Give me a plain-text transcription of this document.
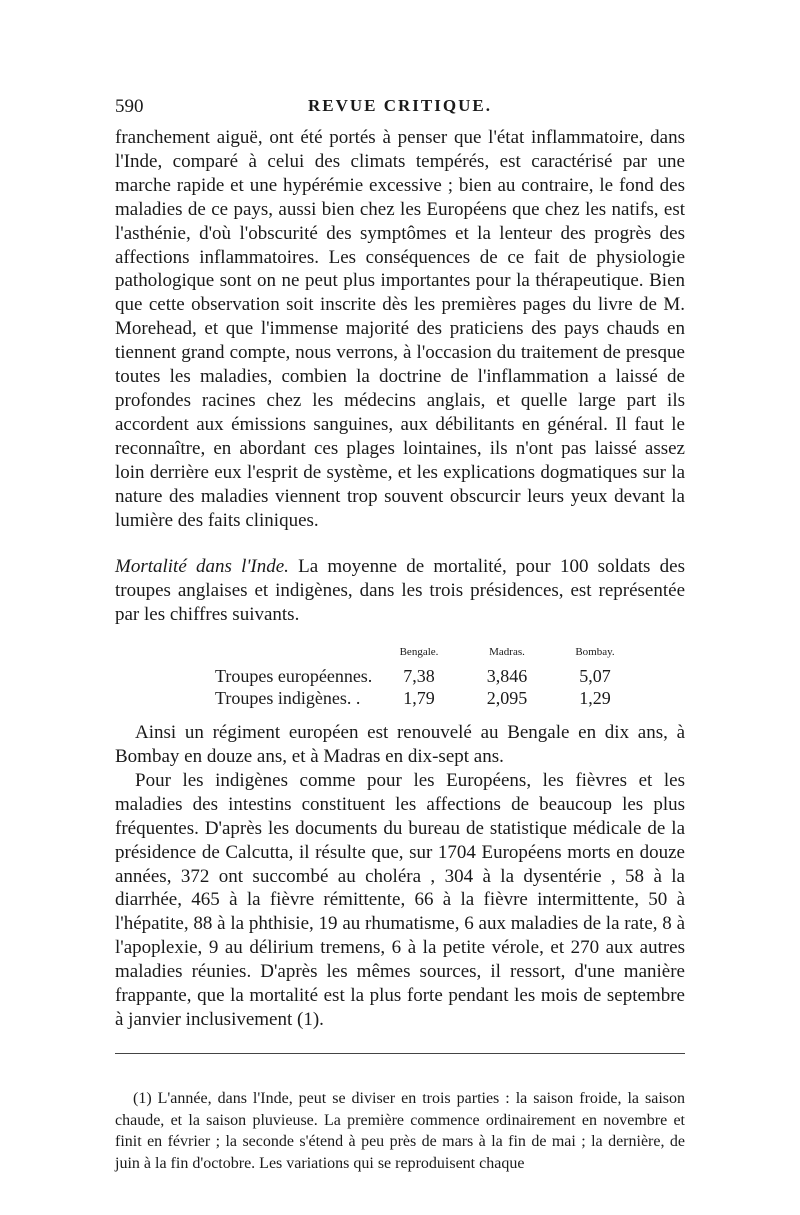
590	REVUE CRITIQUE.

franchement aiguë, ont été portés à penser que l'état inflammatoire, dans l'Inde, comparé à celui des climats tempérés, est caractérisé par une marche rapide et une hypérémie excessive ; bien au contraire, le fond des maladies de ce pays, aussi bien chez les Européens que chez les natifs, est l'asthénie, d'où l'obscurité des symptômes et la lenteur des progrès des affections inflammatoires. Les conséquences de ce fait de physiologie pathologique sont on ne peut plus importantes pour la thérapeutique. Bien que cette observation soit inscrite dès les premières pages du livre de M. Morehead, et que l'immense majorité des praticiens des pays chauds en tiennent grand compte, nous verrons, à l'occasion du traitement de presque toutes les maladies, combien la doctrine de l'inflammation a laissé de profondes racines chez les médecins anglais, et quelle large part ils accordent aux émissions sanguines, aux débilitants en général. Il faut le reconnaître, en abordant ces plages lointaines, ils n'ont pas laissé assez loin derrière eux l'esprit de système, et les explications dogmatiques sur la nature des maladies viennent trop souvent obscurcir leurs yeux devant la lumière des faits cliniques.

Mortalité dans l'Inde. La moyenne de mortalité, pour 100 soldats des troupes anglaises et indigènes, dans les trois présidences, est représentée par les chiffres suivants.

	Bengale.	Madras.	Bombay.
Troupes européennes.	7,38	3,846	5,07
Troupes indigènes. .	1,79	2,095	1,29

Ainsi un régiment européen est renouvelé au Bengale en dix ans, à Bombay en douze ans, et à Madras en dix-sept ans.

Pour les indigènes comme pour les Européens, les fièvres et les maladies des intestins constituent les affections de beaucoup les plus fréquentes. D'après les documents du bureau de statistique médicale de la présidence de Calcutta, il résulte que, sur 1704 Européens morts en douze années, 372 ont succombé au choléra , 304 à la dysentérie , 58 à la diarrhée, 465 à la fièvre rémittente, 66 à la fièvre intermittente, 50 à l'hépatite, 88 à la phthisie, 19 au rhumatisme, 6 aux maladies de la rate, 8 à l'apoplexie, 9 au délirium tremens, 6 à la petite vérole, et 270 aux autres maladies réunies. D'après les mêmes sources, il ressort, d'une manière frappante, que la mortalité est la plus forte pendant les mois de septembre à janvier inclusivement (1).

(1) L'année, dans l'Inde, peut se diviser en trois parties : la saison froide, la saison chaude, et la saison pluvieuse. La première commence ordinairement en novembre et finit en février ; la seconde s'étend à peu près de mars à la fin de mai ; la dernière, de juin à la fin d'octobre. Les variations qui se reproduisent chaque
